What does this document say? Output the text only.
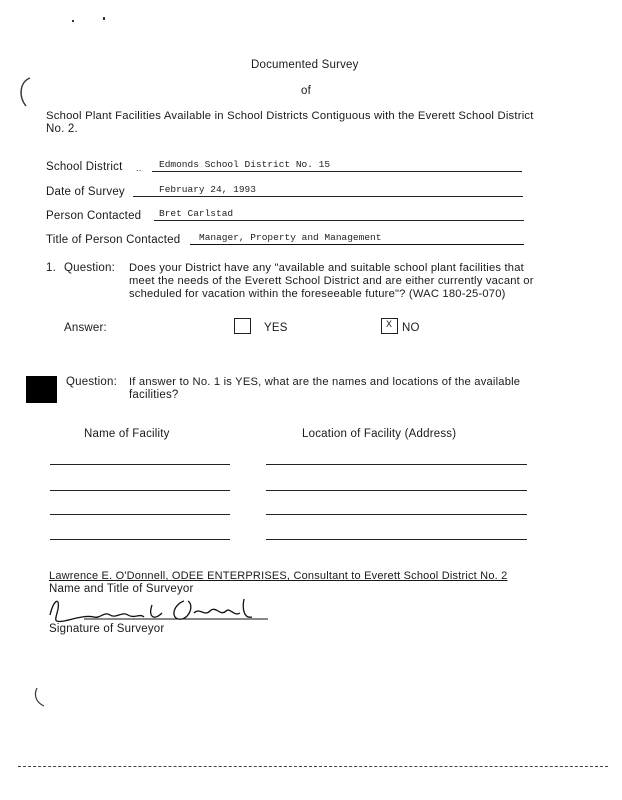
Documented Survey
of
School Plant Facilities Available in School Districts Contiguous with the Everett School District
No. 2.
School District .. Edmonds School District No. 15
Date of Survey	February 24, 1993
Person Contacted Bret Carlstad
Title of Person Contacted Manager, Property and Management
1. Question: Does your District have any "available and suitable school plant facilities that
meet the needs of the Everett School District and are either currently vacant or
scheduled for vacation within the foreseeable future"? (WAC 180-25-070)
Answer:	YES	X NO
Question: If answer to No. 1 is YES, what are the names and locations of the available
facilities?
Name of Facility	Location of Facility (Address)
Lawrence E. O'Donnell, ODEE ENTERPRISES, Consultant to Everett School District No. 2
Name and Title of Surveyor
Signature of Surveyor
